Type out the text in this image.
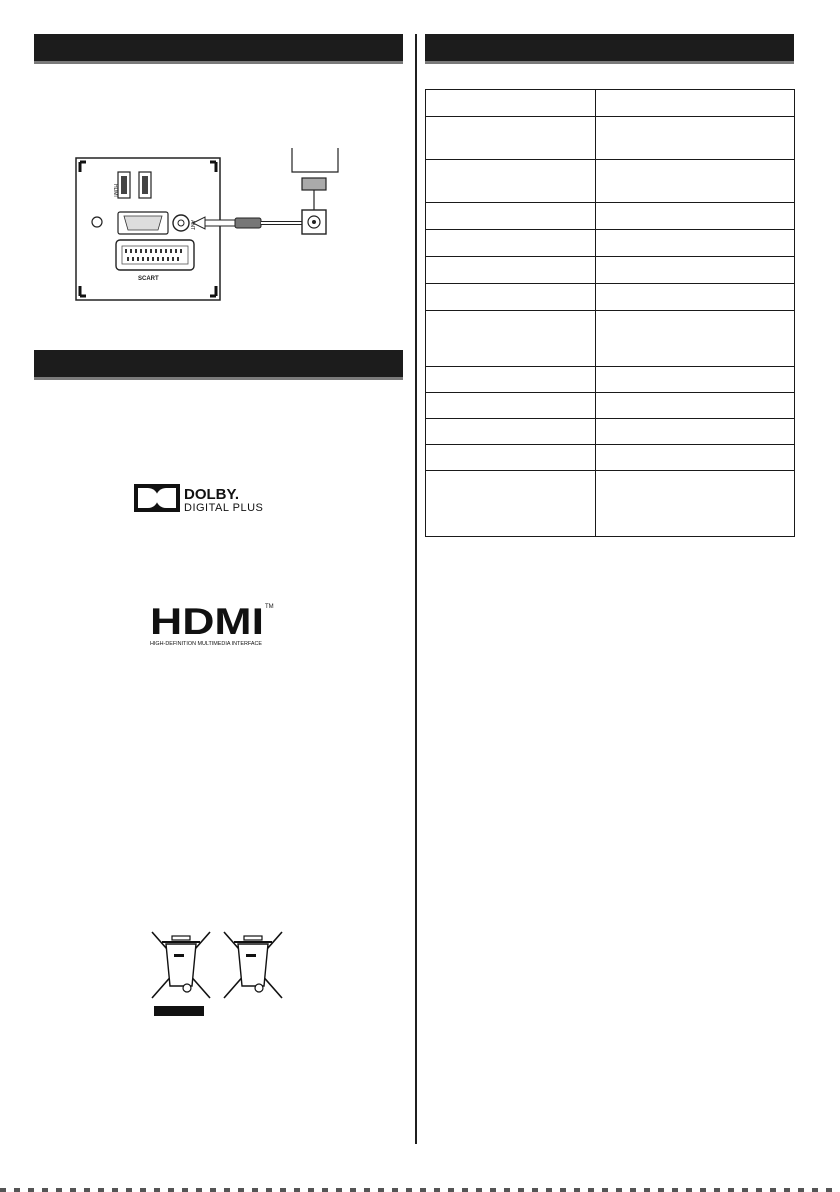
HDMI
ANT
SCART
DOLBY.
DIGITAL PLUS
HDMI TM
HIGH-DEFINITION MULTIMEDIA INTERFACE
